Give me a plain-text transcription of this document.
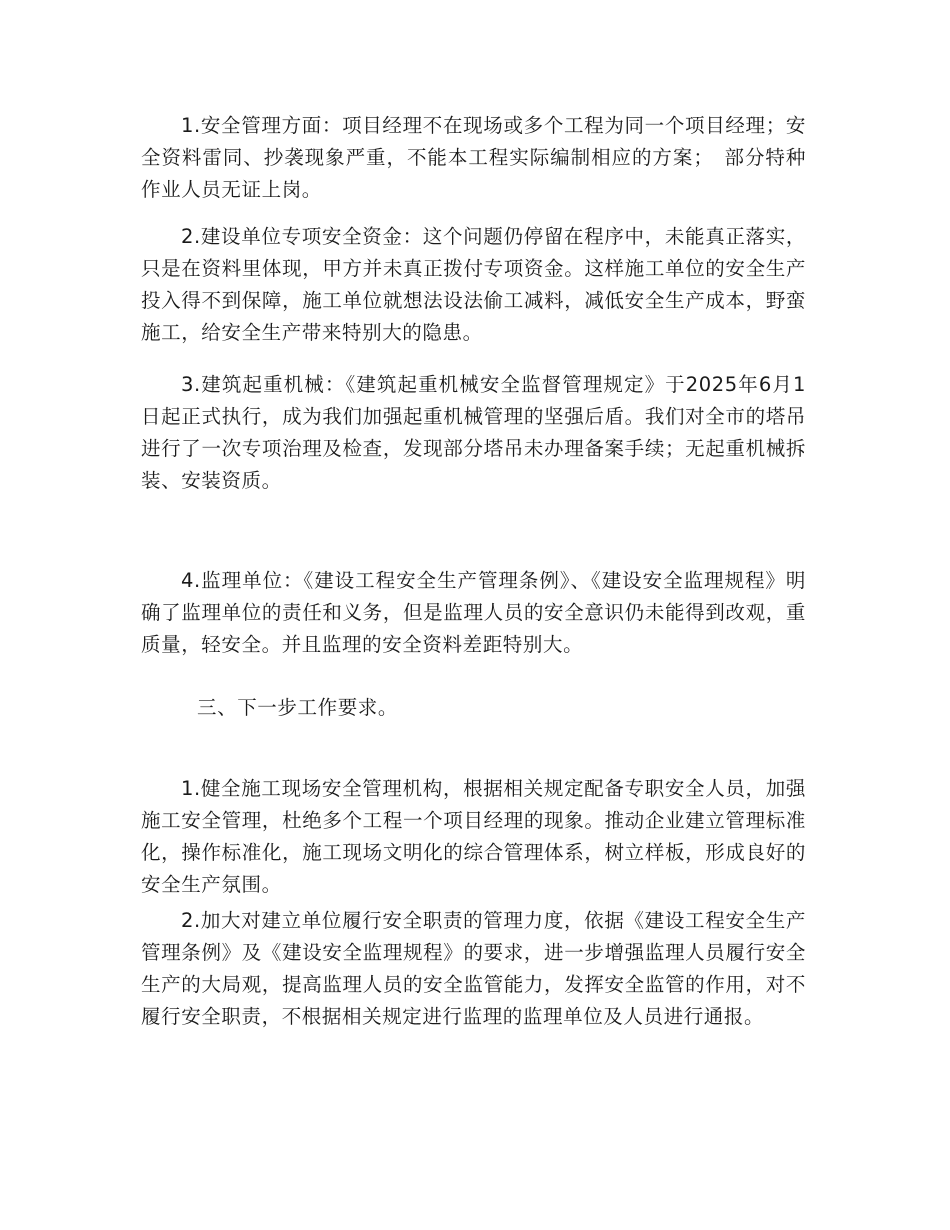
1.安全管理方面：项目经理不在现场或多个工程为同一个项目经理；安全资料雷同、抄袭现象严重，不能本工程实际编制相应的方案；　部分特种作业人员无证上岗。

2.建设单位专项安全资金：这个问题仍停留在程序中，未能真正落实，只是在资料里体现，甲方并未真正拨付专项资金。这样施工单位的安全生产投入得不到保障，施工单位就想法设法偷工减料，减低安全生产成本，野蛮施工，给安全生产带来特别大的隐患。

3.建筑起重机械：《建筑起重机械安全监督管理规定》于2025年6月1日起正式执行，成为我们加强起重机械管理的坚强后盾。我们对全市的塔吊进行了一次专项治理及检查，发现部分塔吊未办理备案手续；无起重机械拆装、安装资质。

4.监理单位：《建设工程安全生产管理条例》、《建设安全监理规程》明确了监理单位的责任和义务，但是监理人员的安全意识仍未能得到改观，重质量，轻安全。并且监理的安全资料差距特别大。

三、下一步工作要求。

1.健全施工现场安全管理机构，根据相关规定配备专职安全人员，加强施工安全管理，杜绝多个工程一个项目经理的现象。推动企业建立管理标准化，操作标准化，施工现场文明化的综合管理体系，树立样板，形成良好的安全生产氛围。

2.加大对建立单位履行安全职责的管理力度，依据《建设工程安全生产管理条例》及《建设安全监理规程》的要求，进一步增强监理人员履行安全生产的大局观，提高监理人员的安全监管能力，发挥安全监管的作用，对不履行安全职责，不根据相关规定进行监理的监理单位及人员进行通报。
